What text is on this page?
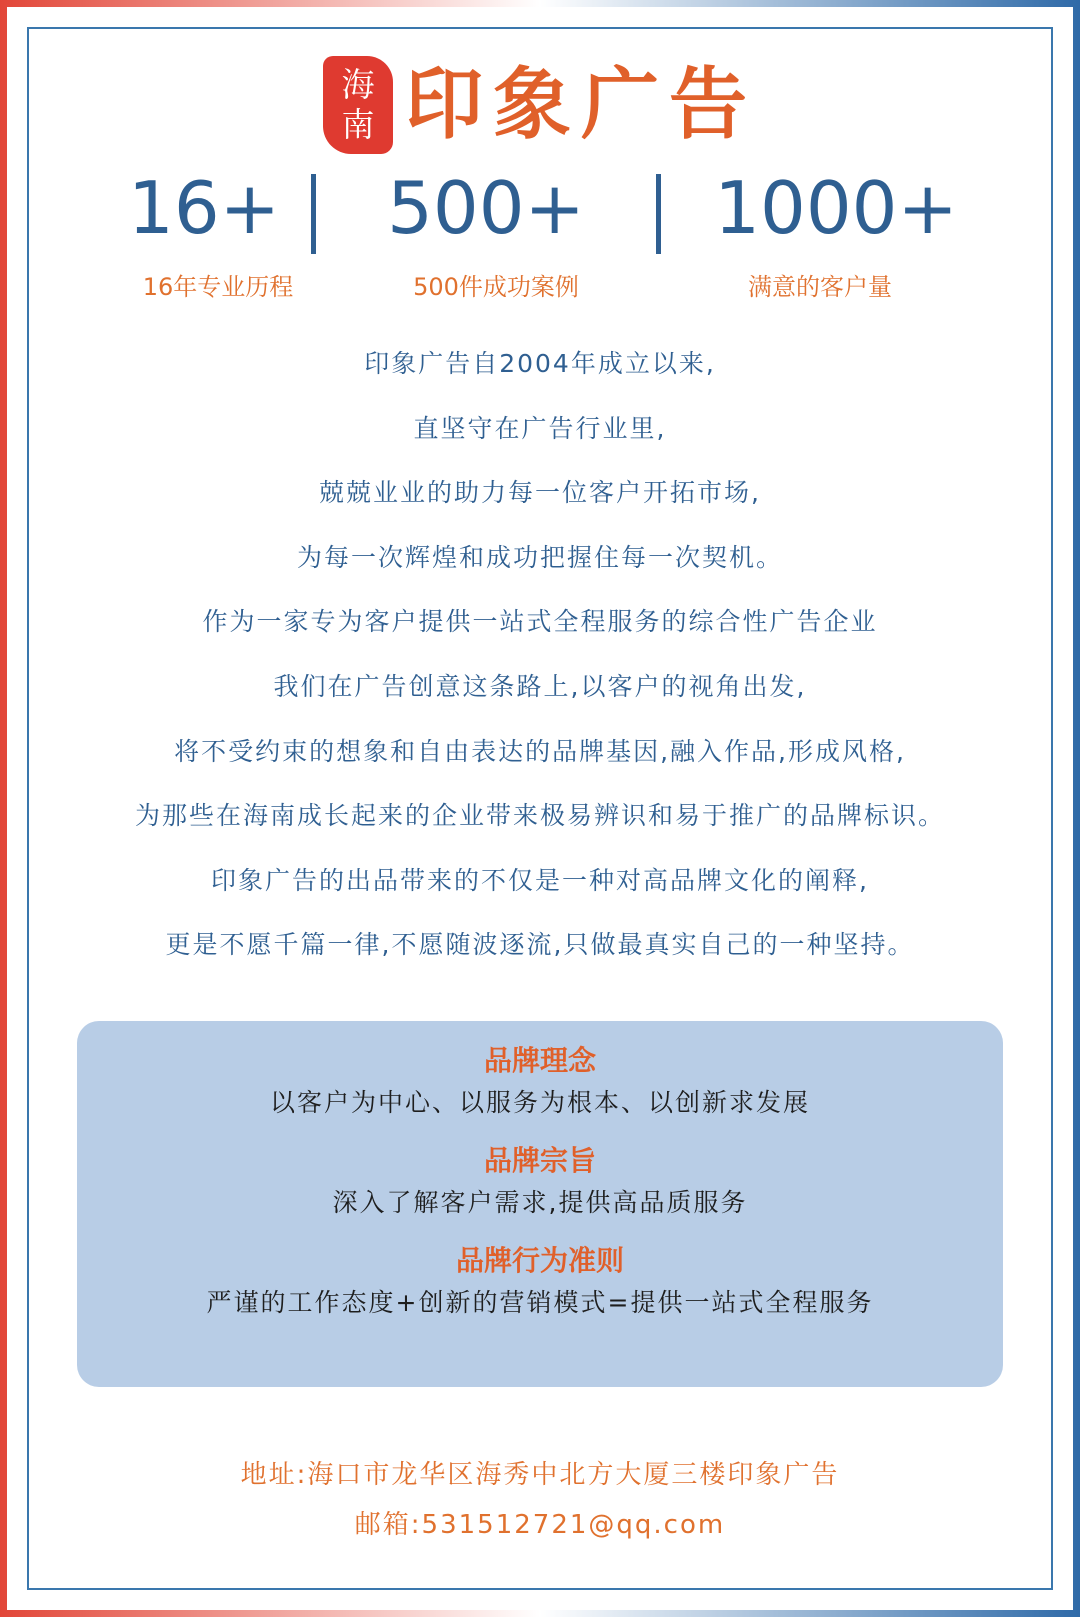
海
南 印象广告
16+	500+	1000+
16年专业历程	500件成功案例	满意的客户量
印象广告自2004年成立以来,
直坚守在广告行业里,
兢兢业业的助力每一位客户开拓市场,
为每一次辉煌和成功把握住每一次契机。
作为一家专为客户提供一站式全程服务的综合性广告企业
我们在广告创意这条路上,以客户的视角出发,
将不受约束的想象和自由表达的品牌基因,融入作品,形成风格,
为那些在海南成长起来的企业带来极易辨识和易于推广的品牌标识。
印象广告的出品带来的不仅是一种对高品牌文化的阐释,
更是不愿千篇一律,不愿随波逐流,只做最真实自己的一种坚持。
品牌理念
以客户为中心、以服务为根本、以创新求发展
品牌宗旨
深入了解客户需求,提供高品质服务
品牌行为准则
严谨的工作态度+创新的营销模式=提供一站式全程服务
地址:海口市龙华区海秀中北方大厦三楼印象广告
邮箱:531512721@qq.com
